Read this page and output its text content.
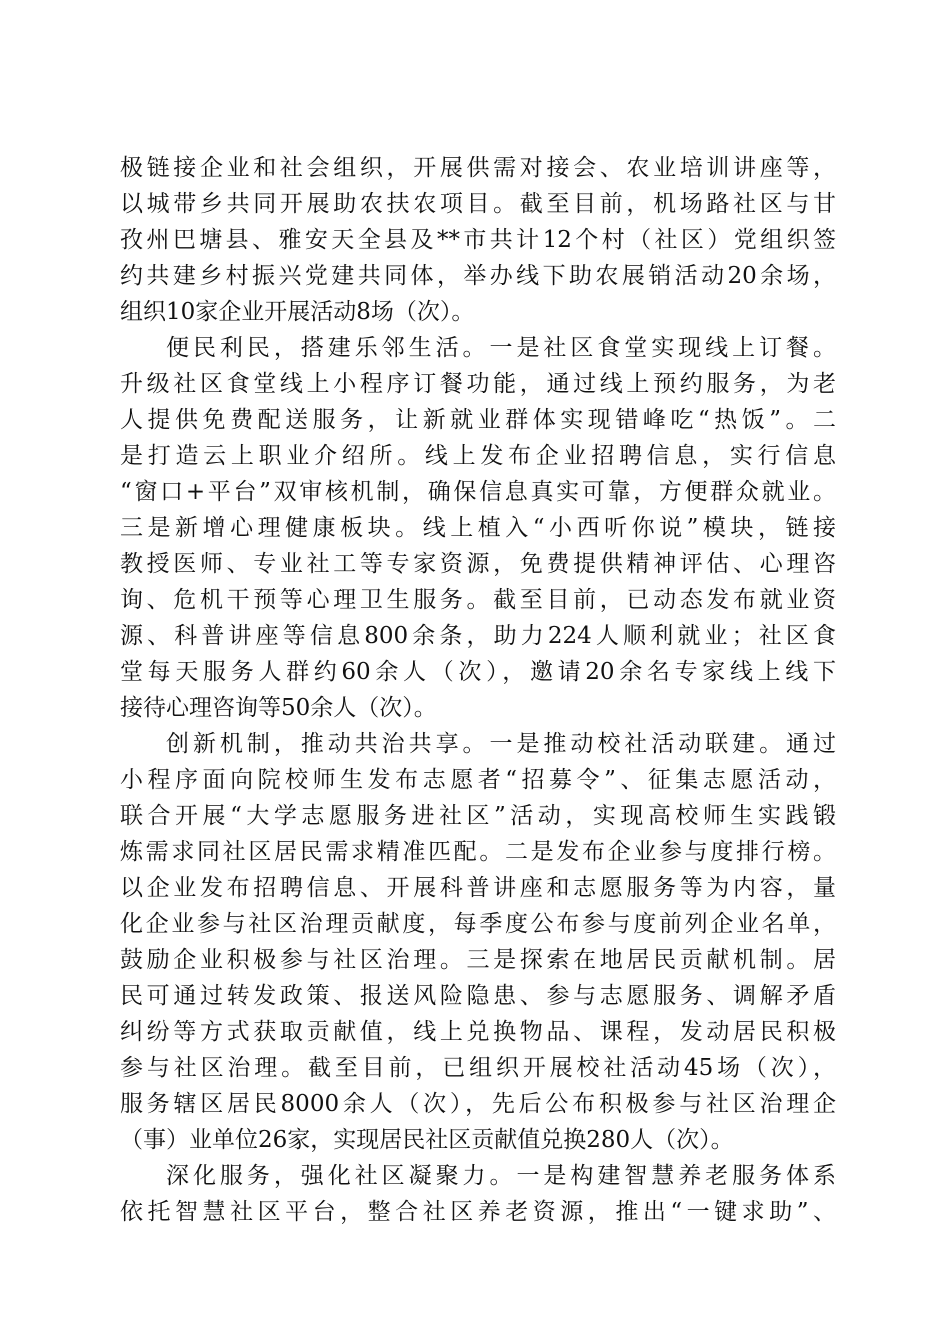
极链接企业和社会组织，开展供需对接会、农业培训讲座等，
以城带乡共同开展助农扶农项目。截至目前，机场路社区与甘
孜州巴塘县、雅安天全县及**市共计12个村（社区）党组织签
约共建乡村振兴党建共同体，举办线下助农展销活动20余场，
组织10家企业开展活动8场（次）。
便民利民，搭建乐邻生活。一是社区食堂实现线上订餐。
升级社区食堂线上小程序订餐功能，通过线上预约服务，为老
人提供免费配送服务，让新就业群体实现错峰吃“热饭”。二
是打造云上职业介绍所。线上发布企业招聘信息，实行信息
“窗口+平台”双审核机制，确保信息真实可靠，方便群众就业。
三是新增心理健康板块。线上植入“小西听你说”模块，链接
教授医师、专业社工等专家资源，免费提供精神评估、心理咨
询、危机干预等心理卫生服务。截至目前，已动态发布就业资
源、科普讲座等信息800余条，助力224人顺利就业；社区食
堂每天服务人群约60余人（次），邀请20余名专家线上线下
接待心理咨询等50余人（次）。
创新机制，推动共治共享。一是推动校社活动联建。通过
小程序面向院校师生发布志愿者“招募令”、征集志愿活动，
联合开展“大学志愿服务进社区”活动，实现高校师生实践锻
炼需求同社区居民需求精准匹配。二是发布企业参与度排行榜。
以企业发布招聘信息、开展科普讲座和志愿服务等为内容，量
化企业参与社区治理贡献度，每季度公布参与度前列企业名单，
鼓励企业积极参与社区治理。三是探索在地居民贡献机制。居
民可通过转发政策、报送风险隐患、参与志愿服务、调解矛盾
纠纷等方式获取贡献值，线上兑换物品、课程，发动居民积极
参与社区治理。截至目前，已组织开展校社活动45场（次），
服务辖区居民8000余人（次），先后公布积极参与社区治理企
（事）业单位26家，实现居民社区贡献值兑换280人（次）。
深化服务，强化社区凝聚力。一是构建智慧养老服务体系
依托智慧社区平台，整合社区养老资源，推出“一键求助”、
